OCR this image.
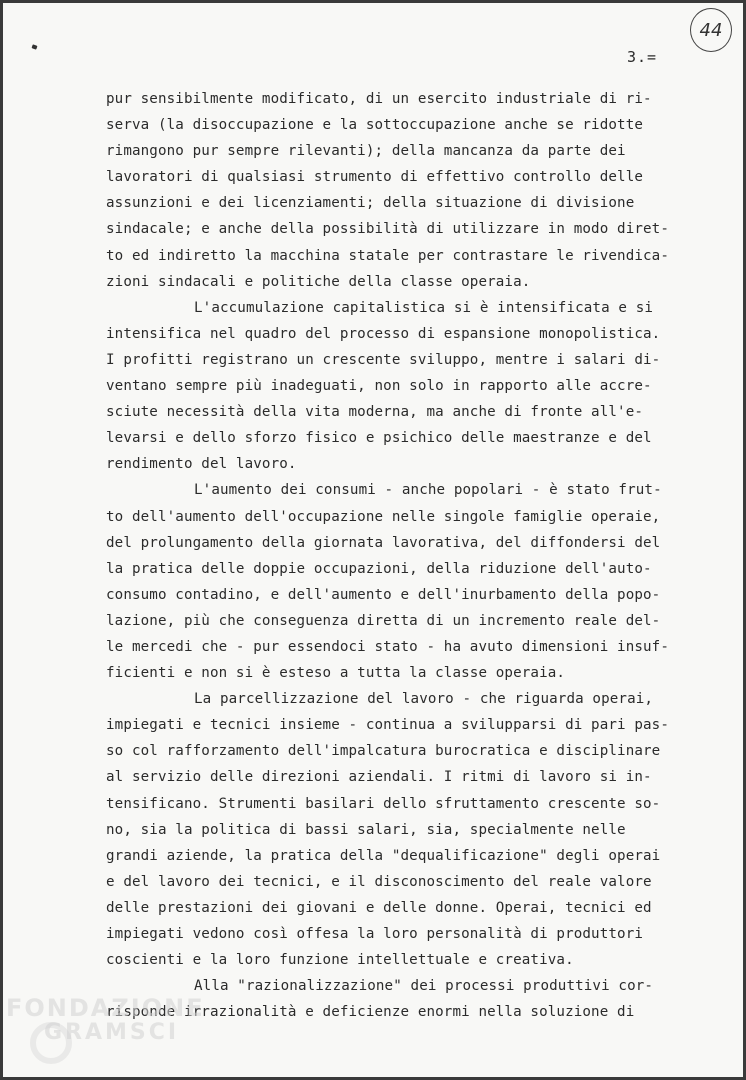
44
3.=
pur sensibilmente modificato, di un esercito industriale di ri-
serva (la disoccupazione e la sottoccupazione anche se ridotte
rimangono pur sempre rilevanti); della mancanza da parte dei
lavoratori di qualsiasi strumento di effettivo controllo delle
assunzioni e dei licenziamenti; della situazione di divisione
sindacale; e anche della possibilità di utilizzare in modo diret-
to ed indiretto la macchina statale per contrastare le rivendica-
zioni sindacali e politiche della classe operaia.
L'accumulazione capitalistica si è intensificata e si
intensifica nel quadro del processo di espansione monopolistica.
I profitti registrano un crescente sviluppo, mentre i salari di-
ventano sempre più inadeguati, non solo in rapporto alle accre-
sciute necessità della vita moderna, ma anche di fronte all'e-
levarsi e dello sforzo fisico e psichico delle maestranze e del
rendimento del lavoro.
L'aumento dei consumi - anche popolari - è stato frut-
to dell'aumento dell'occupazione nelle singole famiglie operaie,
del prolungamento della giornata lavorativa, del diffondersi del
la pratica delle doppie occupazioni, della riduzione dell'auto-
consumo contadino, e dell'aumento e dell'inurbamento della popo-
lazione, più che conseguenza diretta di un incremento reale del-
le mercedi che - pur essendoci stato - ha avuto dimensioni insuf-
ficienti e non si è esteso a tutta la classe operaia.
La parcellizzazione del lavoro - che riguarda operai,
impiegati e tecnici insieme - continua a svilupparsi di pari pas-
so col rafforzamento dell'impalcatura burocratica e disciplinare
al servizio delle direzioni aziendali. I ritmi di lavoro si in-
tensificano. Strumenti basilari dello sfruttamento crescente so-
no, sia la politica di bassi salari, sia, specialmente nelle
grandi aziende, la pratica della "dequalificazione" degli operai
e del lavoro dei tecnici, e il disconoscimento del reale valore
delle prestazioni dei giovani e delle donne. Operai, tecnici ed
impiegati vedono così offesa la loro personalità di produttori
coscienti e la loro funzione intellettuale e creativa.
Alla "razionalizzazione" dei processi produttivi cor-
risponde irrazionalità e deficienze enormi nella soluzione di
FONDAZIONE
GRAMSCI
